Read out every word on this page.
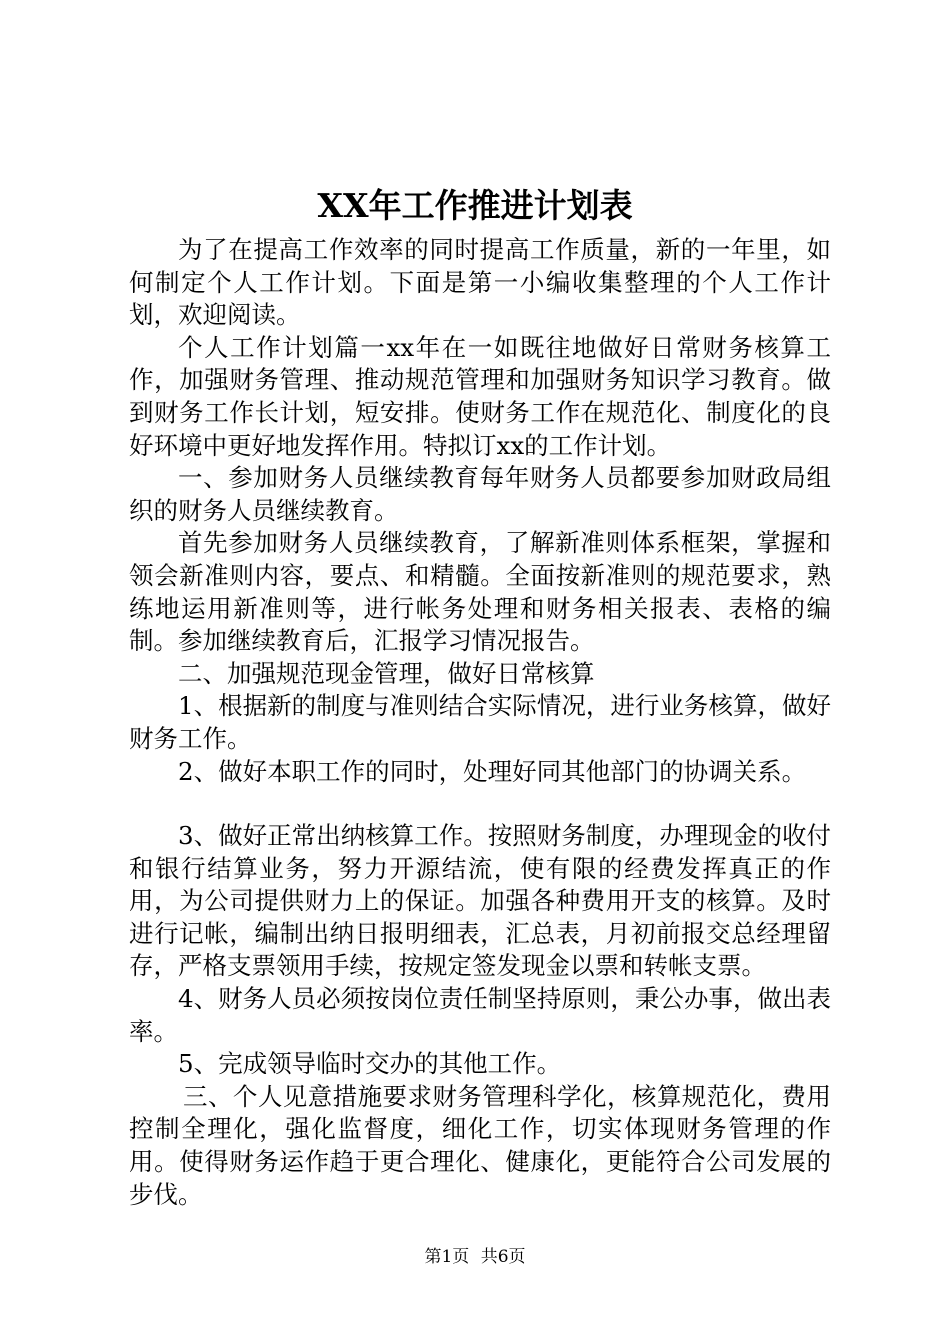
XX年工作推进计划表

为了在提高工作效率的同时提高工作质量，新的一年里，如何制定个人工作计划。下面是第一小编收集整理的个人工作计划，欢迎阅读。

个人工作计划篇一xx年在一如既往地做好日常财务核算工作，加强财务管理、推动规范管理和加强财务知识学习教育。做到财务工作长计划，短安排。使财务工作在规范化、制度化的良好环境中更好地发挥作用。特拟订xx的工作计划。

一、参加财务人员继续教育每年财务人员都要参加财政局组织的财务人员继续教育。

首先参加财务人员继续教育，了解新准则体系框架，掌握和领会新准则内容，要点、和精髓。全面按新准则的规范要求，熟练地运用新准则等，进行帐务处理和财务相关报表、表格的编制。参加继续教育后，汇报学习情况报告。

二、加强规范现金管理，做好日常核算

1、根据新的制度与准则结合实际情况，进行业务核算，做好财务工作。

2、做好本职工作的同时，处理好同其他部门的协调关系。

3、做好正常出纳核算工作。按照财务制度，办理现金的收付和银行结算业务，努力开源结流，使有限的经费发挥真正的作用，为公司提供财力上的保证。加强各种费用开支的核算。及时进行记帐，编制出纳日报明细表，汇总表，月初前报交总经理留存，严格支票领用手续，按规定签发现金以票和转帐支票。

4、财务人员必须按岗位责任制坚持原则，秉公办事，做出表率。

5、完成领导临时交办的其他工作。

三、个人见意措施要求财务管理科学化，核算规范化，费用控制全理化，强化监督度，细化工作，切实体现财务管理的作用。使得财务运作趋于更合理化、健康化，更能符合公司发展的步伐。

第1页 共6页
